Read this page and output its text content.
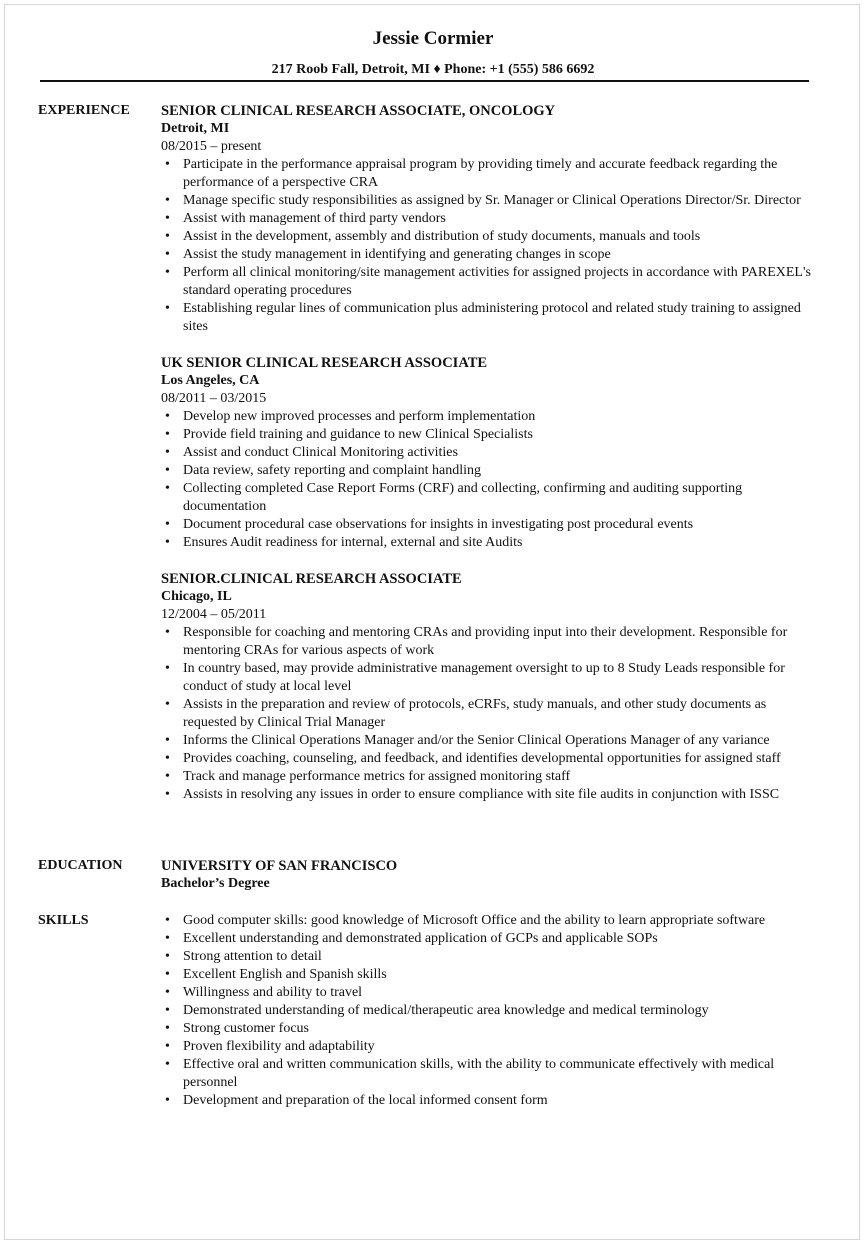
Jessie Cormier
217 Roob Fall, Detroit, MI ♦ Phone: +1 (555) 586 6692
EXPERIENCE	SENIOR CLINICAL RESEARCH ASSOCIATE, ONCOLOGY
Detroit, MI
08/2015 – present
• Participate in the performance appraisal program by providing timely and accurate feedback regarding the performance of a perspective CRA
• Manage specific study responsibilities as assigned by Sr. Manager or Clinical Operations Director/Sr. Director
• Assist with management of third party vendors
• Assist in the development, assembly and distribution of study documents, manuals and tools
• Assist the study management in identifying and generating changes in scope
• Perform all clinical monitoring/site management activities for assigned projects in accordance with PAREXEL's standard operating procedures
• Establishing regular lines of communication plus administering protocol and related study training to assigned sites
UK SENIOR CLINICAL RESEARCH ASSOCIATE
Los Angeles, CA
08/2011 – 03/2015
• Develop new improved processes and perform implementation
• Provide field training and guidance to new Clinical Specialists
• Assist and conduct Clinical Monitoring activities
• Data review, safety reporting and complaint handling
• Collecting completed Case Report Forms (CRF) and collecting, confirming and auditing supporting documentation
• Document procedural case observations for insights in investigating post procedural events
• Ensures Audit readiness for internal, external and site Audits
SENIOR.CLINICAL RESEARCH ASSOCIATE
Chicago, IL
12/2004 – 05/2011
• Responsible for coaching and mentoring CRAs and providing input into their development. Responsible for mentoring CRAs for various aspects of work
• In country based, may provide administrative management oversight to up to 8 Study Leads responsible for conduct of study at local level
• Assists in the preparation and review of protocols, eCRFs, study manuals, and other study documents as requested by Clinical Trial Manager
• Informs the Clinical Operations Manager and/or the Senior Clinical Operations Manager of any variance
• Provides coaching, counseling, and feedback, and identifies developmental opportunities for assigned staff
• Track and manage performance metrics for assigned monitoring staff
• Assists in resolving any issues in order to ensure compliance with site file audits in conjunction with ISSC
EDUCATION	UNIVERSITY OF SAN FRANCISCO
Bachelor’s Degree
SKILLS
•	Good computer skills: good knowledge of Microsoft Office and the ability to learn appropriate software
• Excellent understanding and demonstrated application of GCPs and applicable SOPs
• Strong attention to detail
• Excellent English and Spanish skills
• Willingness and ability to travel
• Demonstrated understanding of medical/therapeutic area knowledge and medical terminology
• Strong customer focus
• Proven flexibility and adaptability
• Effective oral and written communication skills, with the ability to communicate effectively with medical personnel
• Development and preparation of the local informed consent form
